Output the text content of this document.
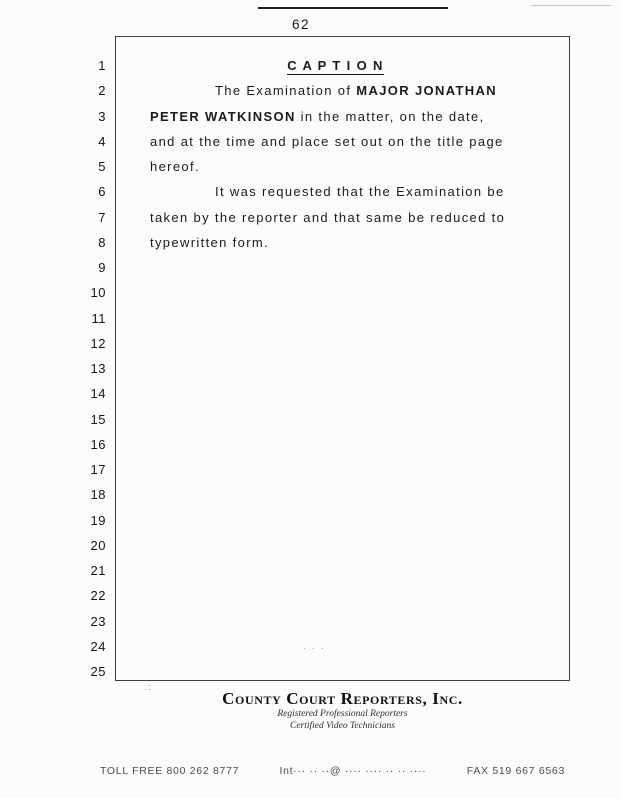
62
1
2
3
4
5
6
7
8
9
10
11
12
13
14
15
16
17
18
19
20
21
22
23
24
25
C A P T I O N
The Examination of MAJOR JONATHAN
PETER WATKINSON in the matter, on the date,
and at the time and place set out on the title page
hereof.
It was requested that the Examination be
taken by the reporter and that same be reduced to
typewritten form.
. . .
.:
County Court Reporters, Inc.
Registered Professional Reporters
Certified Video Technicians
TOLL FREE 800 262 8777	Int··· ·· ··@ ···· ···· ·· ·· ····	FAX 519 667 6563
